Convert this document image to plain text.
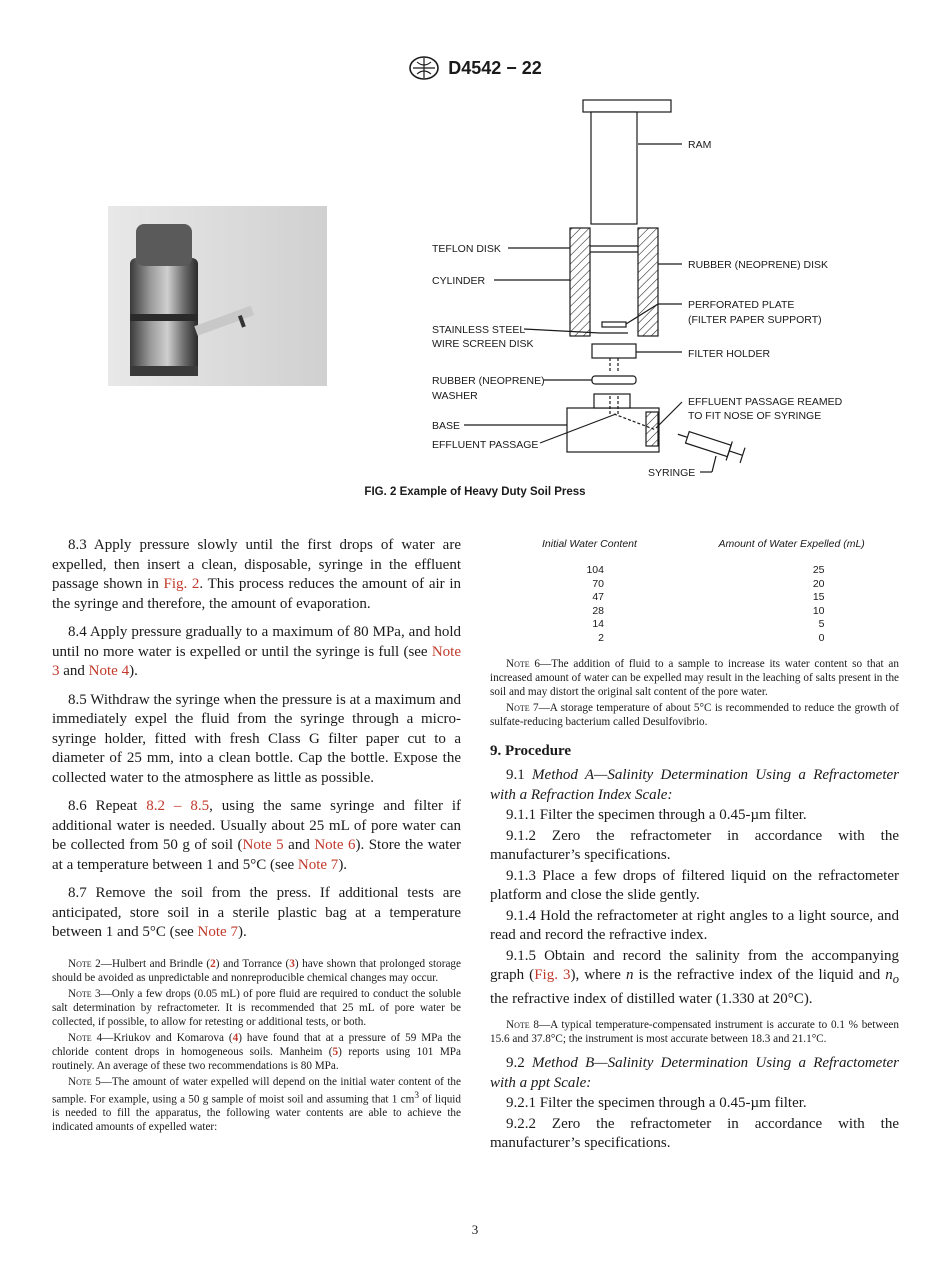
D4542 − 22
RAM
TEFLON DISK
RUBBER (NEOPRENE) DISK
CYLINDER
PERFORATED PLATE
(FILTER PAPER SUPPORT)
STAINLESS STEEL
WIRE SCREEN DISK
FILTER HOLDER
RUBBER (NEOPRENE)
WASHER	EFFLUENT PASSAGE REAMED
TO FIT NOSE OF SYRINGE
BASE
EFFLUENT PASSAGE
SYRINGE
FIG. 2 Example of Heavy Duty Soil Press

8.3 Apply pressure slowly until the first drops of water are expelled, then insert a clean, disposable, syringe in the effluent passage shown in Fig. 2. This process reduces the amount of air in the syringe and therefore, the amount of evaporation.

8.4 Apply pressure gradually to a maximum of 80 MPa, and hold until no more water is expelled or until the syringe is full (see Note 3 and Note 4).

8.5 Withdraw the syringe when the pressure is at a maximum and immediately expel the fluid from the syringe through a micro-syringe holder, fitted with fresh Class G filter paper cut to a diameter of 25 mm, into a clean bottle. Cap the bottle. Expose the collected water to the atmosphere as little as possible.

8.6 Repeat 8.2 – 8.5, using the same syringe and filter if additional water is needed. Usually about 25 mL of pore water can be collected from 50 g of soil (Note 5 and Note 6). Store the water at a temperature between 1 and 5°C (see Note 7).

8.7 Remove the soil from the press. If additional tests are anticipated, store soil in a sterile plastic bag at a temperature between 1 and 5°C (see Note 7).

Note 2—Hulbert and Brindle (2) and Torrance (3) have shown that prolonged storage should be avoided as unpredictable and nonreproducible chemical changes may occur.

Note 3—Only a few drops (0.05 mL) of pore fluid are required to conduct the soluble salt determination by refractometer. It is recommended that 25 mL of pore water be collected, if possible, to allow for retesting or additional tests, or both.

Note 4—Kriukov and Komarova (4) have found that at a pressure of 59 MPa the chloride content drops in homogeneous soils. Manheim (5) reports using 101 MPa routinely. An average of these two recommendations is 80 MPa.

Note 5—The amount of water expelled will depend on the initial water content of the sample. For example, using a 50 g sample of moist soil and assuming that 1 $cm^3$ of liquid is needed to fill the apparatus, the following water contents are able to achieve the indicated amounts of expelled water:

Initial Water Content	Amount of Water Expelled (mL)
104	25
70	20
47	15
28	10
14	5
2	0

Note 6—The addition of fluid to a sample to increase its water content so that an increased amount of water can be expelled may result in the leaching of salts present in the soil and may distort the original salt content of the pore water.

Note 7—A storage temperature of about 5°C is recommended to reduce the growth of sulfate-reducing bacterium called Desulfovibrio.

9. Procedure

9.1 Method A—Salinity Determination Using a Refractometer with a Refraction Index Scale:

9.1.1 Filter the specimen through a 0.45-µm filter.

9.1.2 Zero the refractometer in accordance with the manufacturer’s specifications.

9.1.3 Place a few drops of filtered liquid on the refractometer platform and close the slide gently.

9.1.4 Hold the refractometer at right angles to a light source, and read and record the refractive index.

9.1.5 Obtain and record the salinity from the accompanying graph (Fig. 3), where n is the refractive index of the liquid and $n_o$ the refractive index of distilled water (1.330 at 20°C).

Note 8—A typical temperature-compensated instrument is accurate to 0.1 % between 15.6 and 37.8°C; the instrument is most accurate between 18.3 and 21.1°C.

9.2 Method B—Salinity Determination Using a Refractometer with a ppt Scale:

9.2.1 Filter the specimen through a 0.45-µm filter.

9.2.2 Zero the refractometer in accordance with the manufacturer’s specifications.

3
